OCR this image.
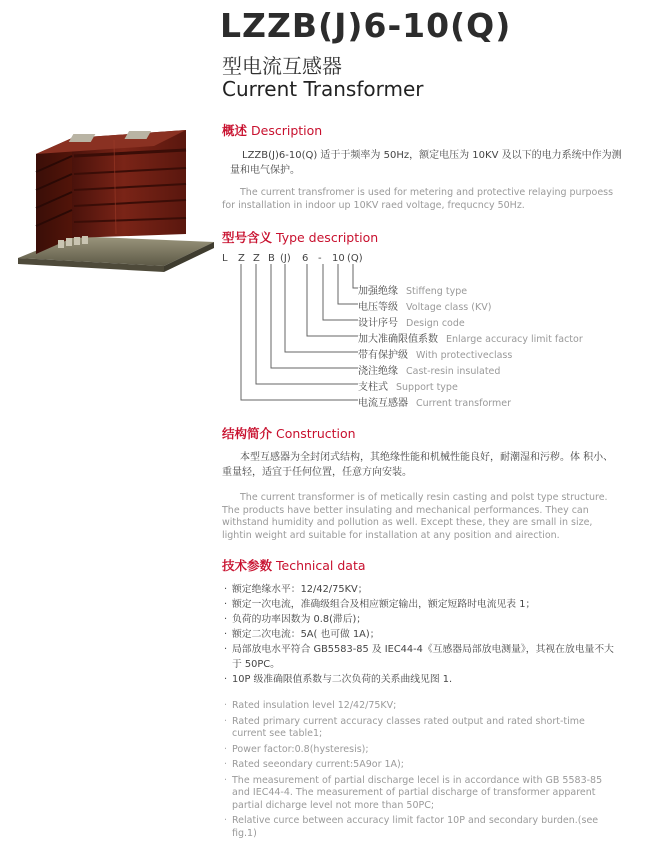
LZZB(J)6-10(Q)
型电流互感器
Current Transformer
概述 Description
LZZB(J)6-10(Q) 适于于频率为 50Hz，额定电压为 10KV 及以下的电力系统中作为测量和电气保护。
The current transfromer is used for metering and protective relaying purpoess for installation in indoor up 10KV raed voltage, frequcncy 50Hz.
型号含义 Type description
L Z Z B (J) 6 - 10 (Q)
加强绝缘 Stiffeng type
电压等级 Voltage class (KV)
设计序号 Design code
加大准确限值系数 Enlarge accuracy limit factor
带有保护级 With protectiveclass
浇注绝缘 Cast-resin insulated
支柱式 Support type
电流互感器 Current transformer
结构简介 Construction
本型互感器为全封闭式结构，其绝缘性能和机械性能良好，耐潮湿和污秽。体 积小、重量轻，适宜于任何位置，任意方向安装。
The current transformer is of metically resin casting and polst type structure. The products have better insulating and mechanical performances. They can withstand humidity and pollution as well. Except these, they are small in size, lightin weight ard suitable for installation at any position and airection.
技术参数 Technical data
· 额定绝缘水平：12/42/75KV；
· 额定一次电流，准确级组合及相应额定输出，额定短路时电流见表 1；
· 负荷的功率因数为 0.8(滞后)；
· 额定二次电流：5A( 也可做 1A)；
· 局部放电水平符合 GB5583-85 及 IEC44-4《互感器局部放电测量》，其视在放电量不大于 50PC。
· 10P 级准确限值系数与二次负荷的关系曲线见图 1.
· Rated insulation level 12/42/75KV;
· Rated primary current accuracy classes rated output and rated short-time current see table1;
· Power factor:0.8(hysteresis);
· Rated seeondary current:5A9or 1A);
· The measurement of partial discharge lecel is in accordance with GB 5583-85 and IEC44-4. The measurement of partial discharge of transformer apparent partial dicharge level not more than 50PC;
· Relative curce between accuracy limit factor 10P and secondary burden.(see fig.1)
